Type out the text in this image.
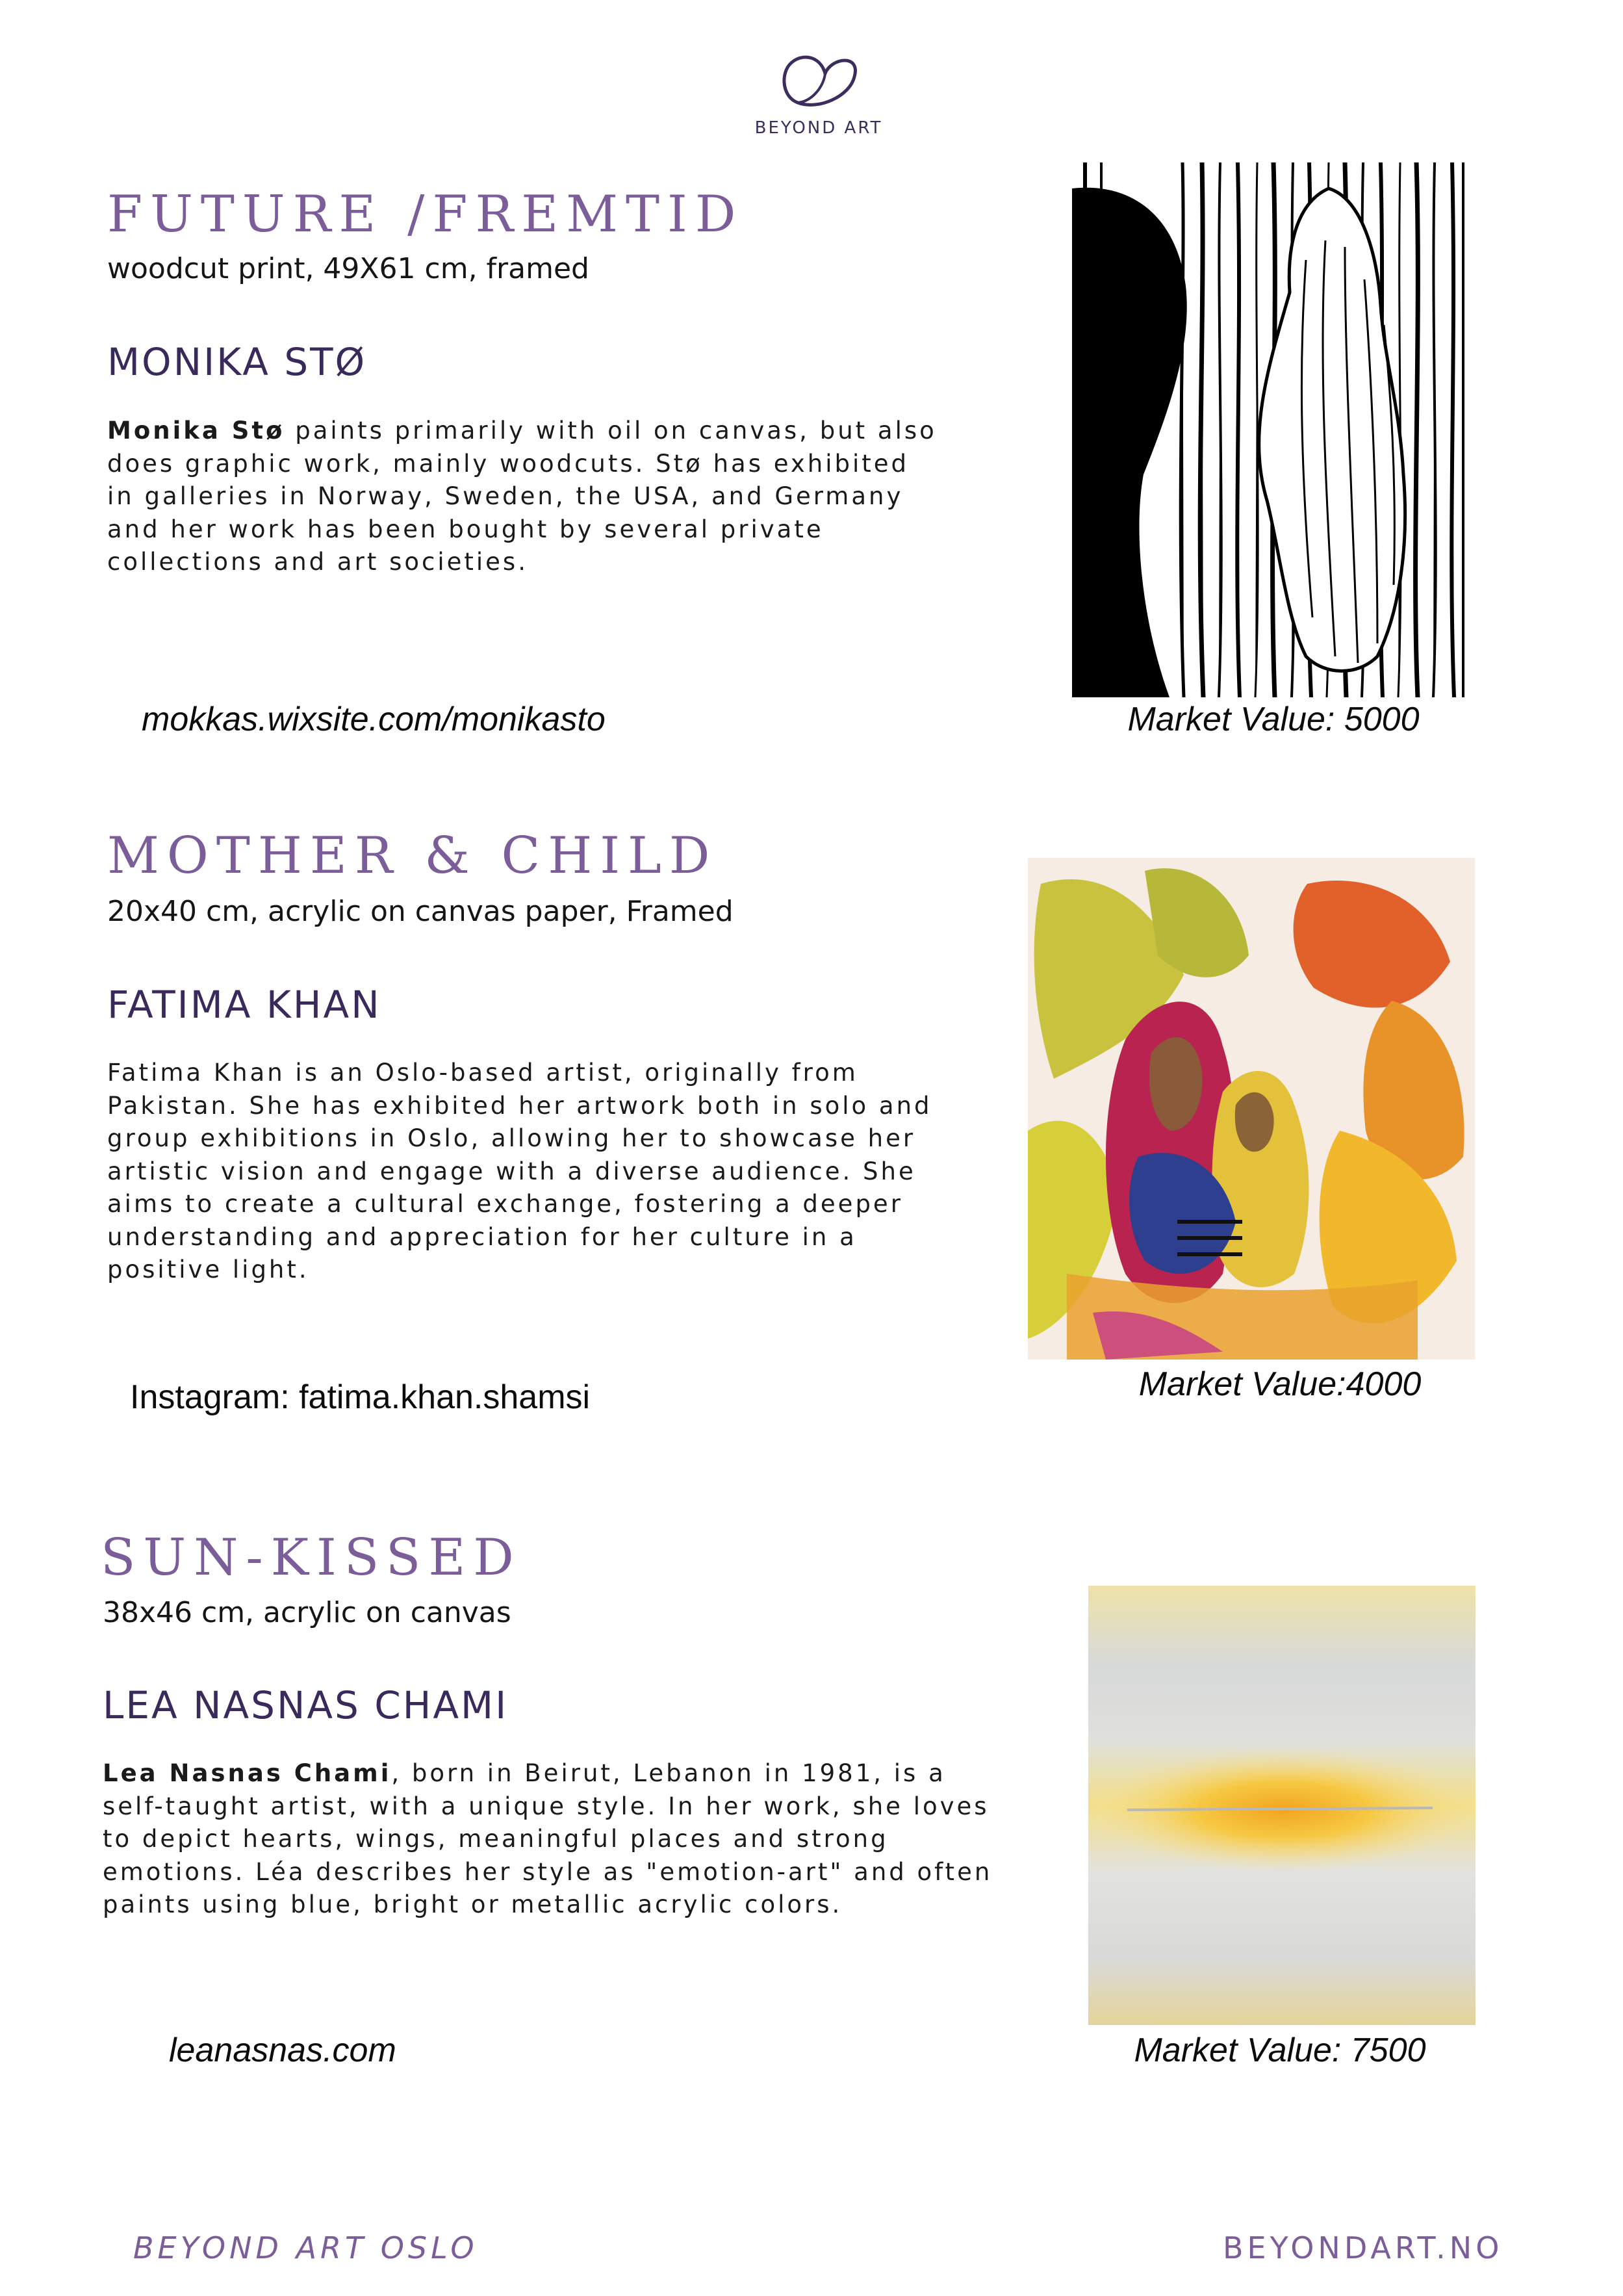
BEYOND ART
FUTURE /FREMTID
woodcut print, 49X61 cm, framed
MONIKA STØ
Monika Stø paints primarily with oil on canvas, but also does graphic work, mainly woodcuts. Stø has exhibited in galleries in Norway, Sweden, the USA, and Germany and her work has been bought by several private collections and art societies.
mokkas.wixsite.com/monikasto	Market Value: 5000
MOTHER & CHILD
20x40 cm, acrylic on canvas paper, Framed
FATIMA KHAN
Fatima Khan is an Oslo-based artist, originally from Pakistan. She has exhibited her artwork both in solo and group exhibitions in Oslo, allowing her to showcase her artistic vision and engage with a diverse audience. She aims to create a cultural exchange, fostering a deeper understanding and appreciation for her culture in a positive light.
Instagram: fatima.khan.shamsi	Market Value:4000
SUN-KISSED
38x46 cm, acrylic on canvas
LEA NASNAS CHAMI
Lea Nasnas Chami, born in Beirut, Lebanon in 1981, is a self-taught artist, with a unique style. In her work, she loves to depict hearts, wings, meaningful places and strong emotions. Léa describes her style as "emotion-art" and often paints using blue, bright or metallic acrylic colors.
leanasnas.com	Market Value: 7500
BEYOND ART OSLO	BEYONDART.NO
